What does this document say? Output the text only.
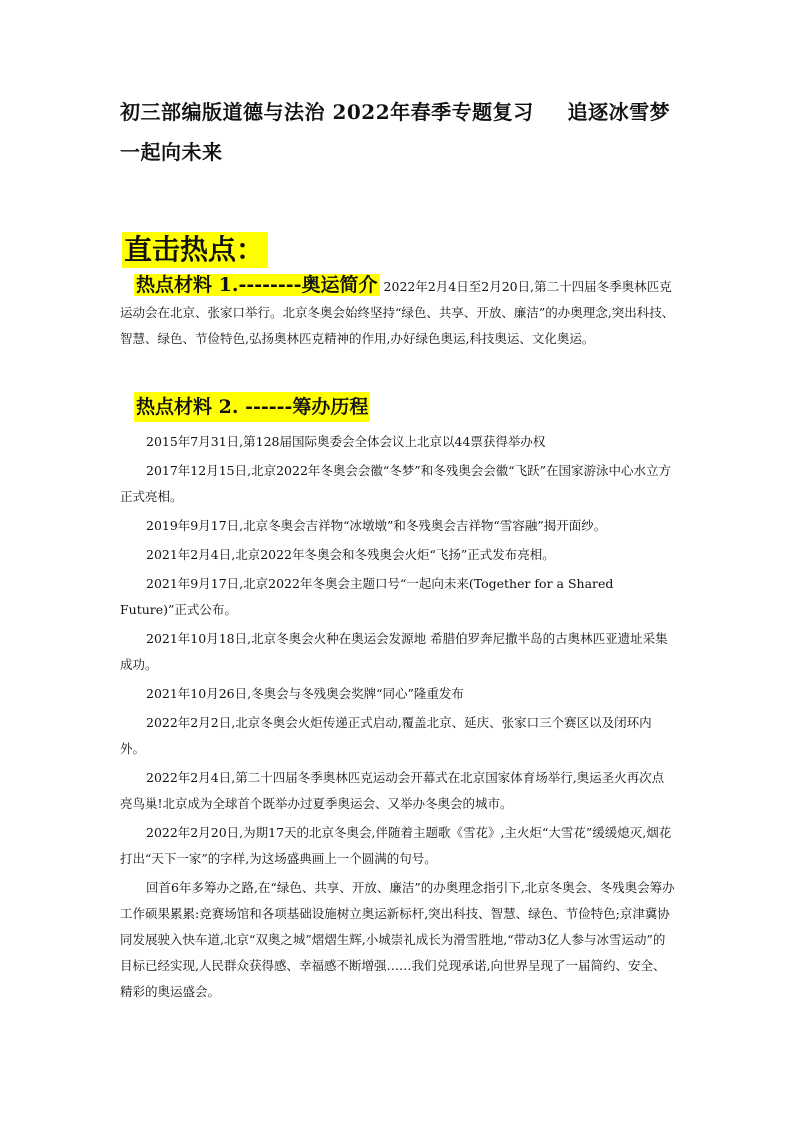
初三部编版道德与法治 2022年春季专题复习 追逐冰雪梦 一起向未来
直击热点：

热点材料 1.--------奥运简介 2022年2月4日至2月20日,第二十四届冬季奥林匹克运动会在北京、张家口举行。北京冬奥会始终坚持“绿色、共享、开放、廉洁”的办奥理念,突出科技、智慧、绿色、节俭特色,弘扬奥林匹克精神的作用,办好绿色奥运,科技奥运、文化奥运。

热点材料 2. ------筹办历程
2015年7月31日,第128届国际奥委会全体会议上北京以44票获得举办权
2017年12月15日,北京2022年冬奥会会徽“冬梦”和冬残奥会会徽“飞跃”在国家游泳中心水立方正式亮相。
2019年9月17日,北京冬奥会吉祥物“冰墩墩”和冬残奥会吉祥物“雪容融”揭开面纱。
2021年2月4日,北京2022年冬奥会和冬残奥会火炬“飞扬”正式发布亮相。
2021年9月17日,北京2022年冬奥会主题口号“一起向未来(Together for a Shared Future)”正式公布。
2021年10月18日,北京冬奥会火种在奥运会发源地 希腊伯罗奔尼撒半岛的古奥林匹亚遗址采集成功。
2021年10月26日,冬奥会与冬残奥会奖牌“同心”隆重发布
2022年2月2日,北京冬奥会火炬传递正式启动,覆盖北京、延庆、张家口三个赛区以及闭环内外。
2022年2月4日,第二十四届冬季奥林匹克运动会开幕式在北京国家体育场举行,奥运圣火再次点亮鸟巢!北京成为全球首个既举办过夏季奥运会、又举办冬奥会的城市。
2022年2月20日,为期17天的北京冬奥会,伴随着主题歌《雪花》,主火炬“大雪花”缓缓熄灭,烟花打出“天下一家”的字样,为这场盛典画上一个圆满的句号。
回首6年多筹办之路,在“绿色、共享、开放、廉洁”的办奥理念指引下,北京冬奥会、冬残奥会筹办工作硕果累累:竞赛场馆和各项基础设施树立奥运新标杆,突出科技、智慧、绿色、节俭特色;京津冀协同发展驶入快车道,北京“双奥之城”熠熠生辉,小城崇礼成长为滑雪胜地,“带动3亿人参与冰雪运动”的目标已经实现,人民群众获得感、幸福感不断增强……我们兑现承诺,向世界呈现了一届简约、安全、精彩的奥运盛会。
